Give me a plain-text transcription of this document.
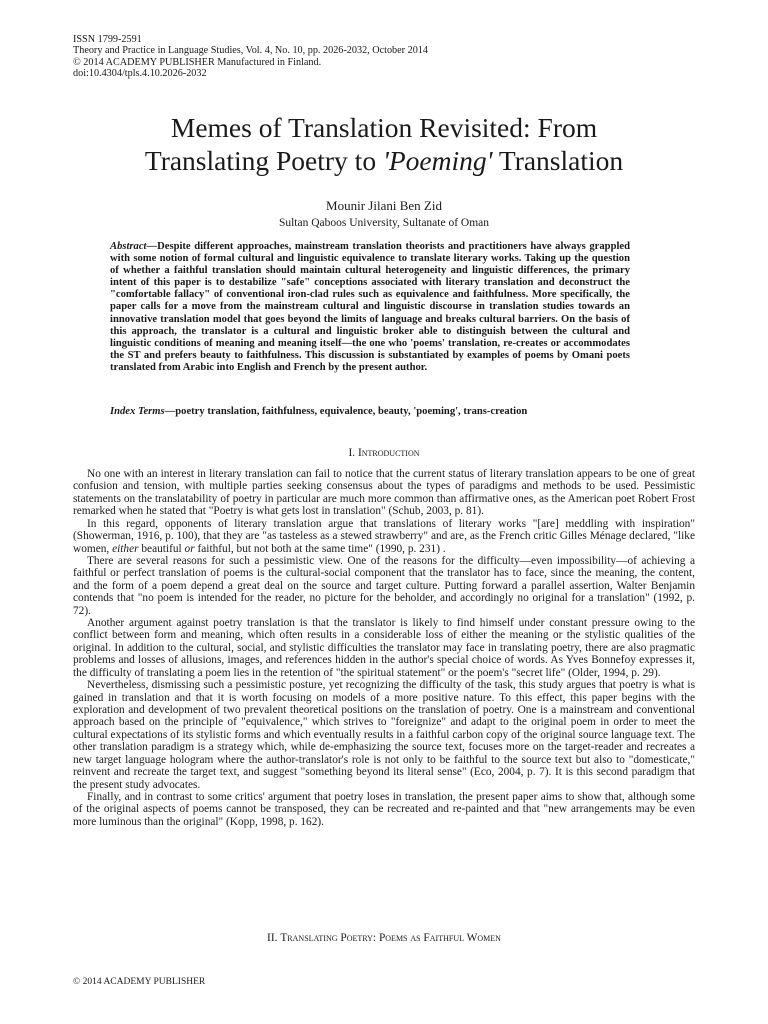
ISSN 1799-2591
Theory and Practice in Language Studies, Vol. 4, No. 10, pp. 2026-2032, October 2014
© 2014 ACADEMY PUBLISHER Manufactured in Finland.
doi:10.4304/tpls.4.10.2026-2032
Memes of Translation Revisited: From
Translating Poetry to 'Poeming' Translation
Mounir Jilani Ben Zid
Sultan Qaboos University, Sultanate of Oman
Abstract—Despite different approaches, mainstream translation theorists and practitioners have always grappled with some notion of formal cultural and linguistic equivalence to translate literary works. Taking up the question of whether a faithful translation should maintain cultural heterogeneity and linguistic differences, the primary intent of this paper is to destabilize "safe" conceptions associated with literary translation and deconstruct the "comfortable fallacy" of conventional iron-clad rules such as equivalence and faithfulness. More specifically, the paper calls for a move from the mainstream cultural and linguistic discourse in translation studies towards an innovative translation model that goes beyond the limits of language and breaks cultural barriers. On the basis of this approach, the translator is a cultural and linguistic broker able to distinguish between the cultural and linguistic conditions of meaning and meaning itself—the one who 'poems' translation, re-creates or accommodates the ST and prefers beauty to faithfulness. This discussion is substantiated by examples of poems by Omani poets translated from Arabic into English and French by the present author.
Index Terms—poetry translation, faithfulness, equivalence, beauty, 'poeming', trans-creation
I. Introduction

No one with an interest in literary translation can fail to notice that the current status of literary translation appears to be one of great confusion and tension, with multiple parties seeking consensus about the types of paradigms and methods to be used. Pessimistic statements on the translatability of poetry in particular are much more common than affirmative ones, as the American poet Robert Frost remarked when he stated that "Poetry is what gets lost in translation" (Schub, 2003, p. 81).

In this regard, opponents of literary translation argue that translations of literary works "[are] meddling with inspiration" (Showerman, 1916, p. 100), that they are "as tasteless as a stewed strawberry" and are, as the French critic Gilles Ménage declared, "like women, either beautiful or faithful, but not both at the same time" (1990, p. 231) .

There are several reasons for such a pessimistic view. One of the reasons for the difficulty—even impossibility—of achieving a faithful or perfect translation of poems is the cultural-social component that the translator has to face, since the meaning, the content, and the form of a poem depend a great deal on the source and target culture. Putting forward a parallel assertion, Walter Benjamin contends that "no poem is intended for the reader, no picture for the beholder, and accordingly no original for a translation" (1992, p. 72).

Another argument against poetry translation is that the translator is likely to find himself under constant pressure owing to the conflict between form and meaning, which often results in a considerable loss of either the meaning or the stylistic qualities of the original. In addition to the cultural, social, and stylistic difficulties the translator may face in translating poetry, there are also pragmatic problems and losses of allusions, images, and references hidden in the author's special choice of words. As Yves Bonnefoy expresses it, the difficulty of translating a poem lies in the retention of "the spiritual statement" or the poem's "secret life" (Older, 1994, p. 29).

Nevertheless, dismissing such a pessimistic posture, yet recognizing the difficulty of the task, this study argues that poetry is what is gained in translation and that it is worth focusing on models of a more positive nature. To this effect, this paper begins with the exploration and development of two prevalent theoretical positions on the translation of poetry. One is a mainstream and conventional approach based on the principle of "equivalence," which strives to "foreignize" and adapt to the original poem in order to meet the cultural expectations of its stylistic forms and which eventually results in a faithful carbon copy of the original source language text. The other translation paradigm is a strategy which, while de-emphasizing the source text, focuses more on the target-reader and recreates a new target language hologram where the author-translator's role is not only to be faithful to the source text but also to "domesticate," reinvent and recreate the target text, and suggest "something beyond its literal sense" (Eco, 2004, p. 7). It is this second paradigm that the present study advocates.

Finally, and in contrast to some critics' argument that poetry loses in translation, the present paper aims to show that, although some of the original aspects of poems cannot be transposed, they can be recreated and re-painted and that "new arrangements may be even more luminous than the original" (Kopp, 1998, p. 162).

II. Translating Poetry: Poems as Faithful Women
© 2014 ACADEMY PUBLISHER
